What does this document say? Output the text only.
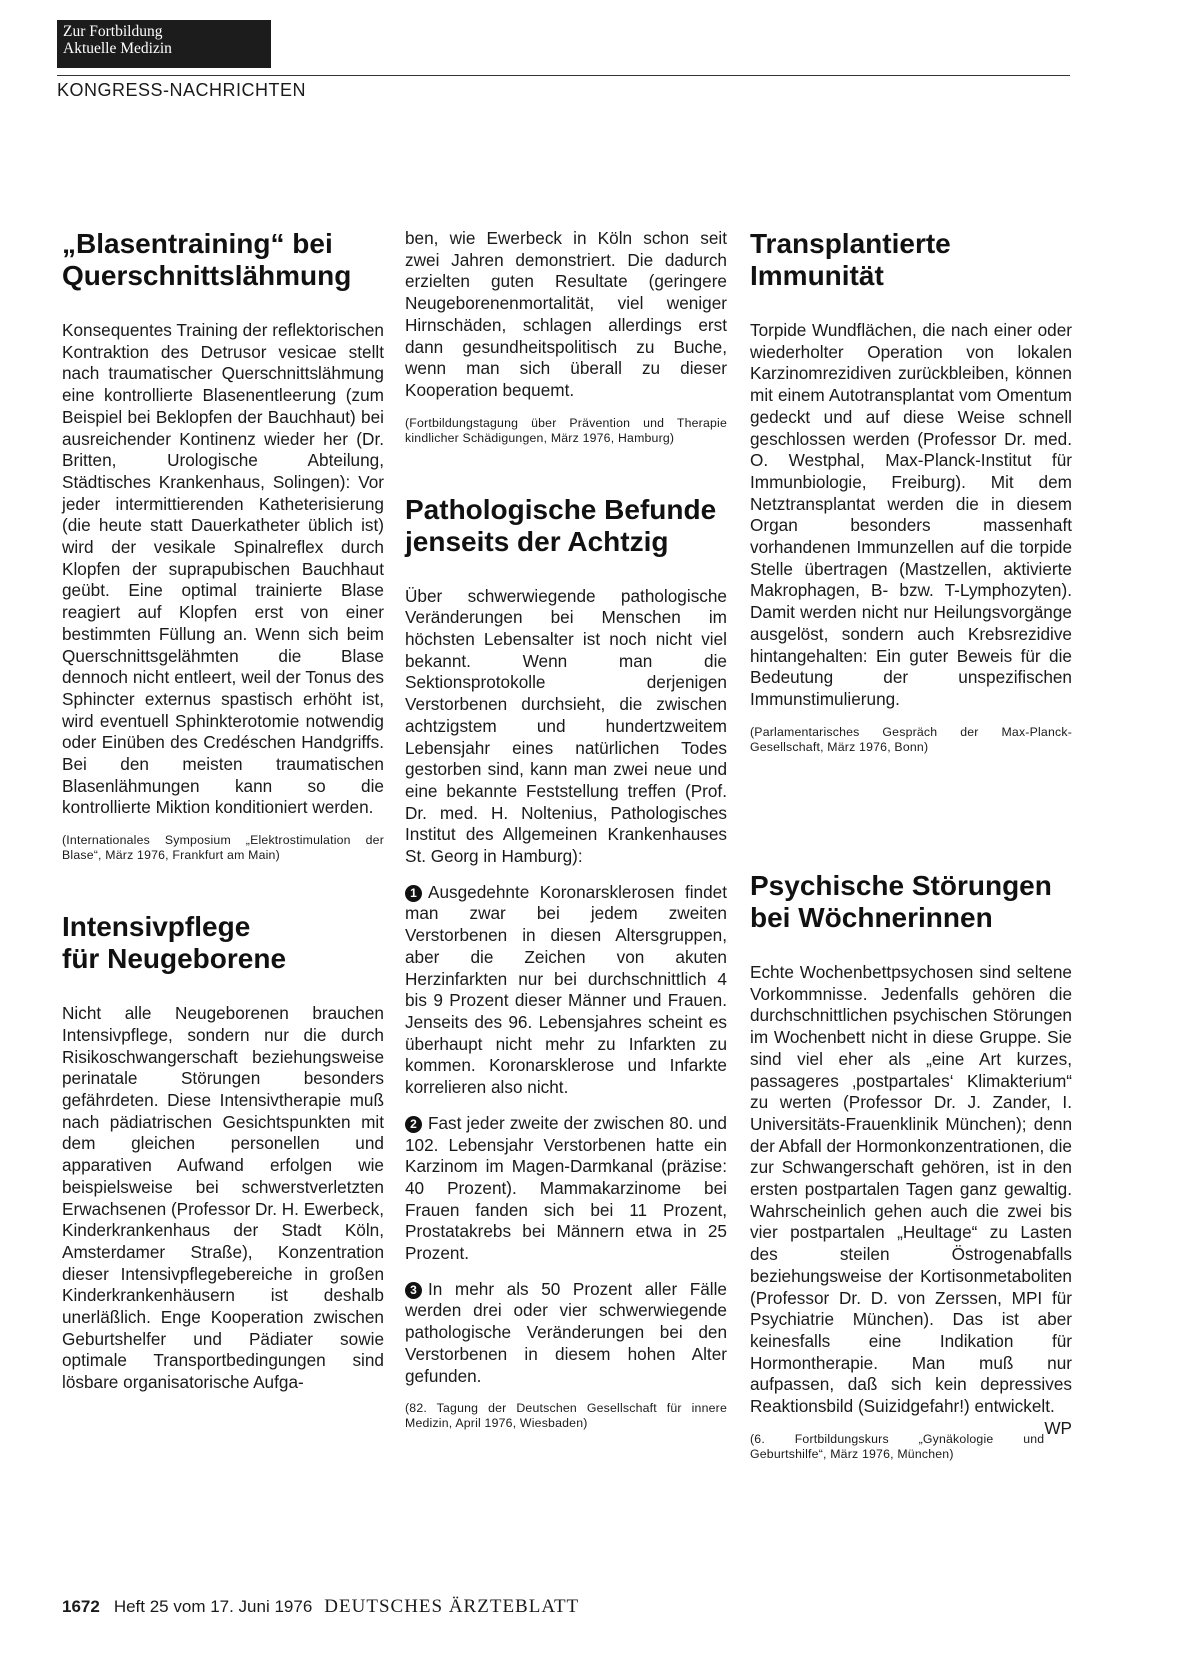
Zur Fortbildung
Aktuelle Medizin
KONGRESS-NACHRICHTEN
„Blasentraining“ bei
Querschnittslähmung

Konsequentes Training der reflektorischen Kontraktion des Detrusor vesicae stellt nach traumatischer Querschnittslähmung eine kontrollierte Blasenentleerung (zum Beispiel bei Beklopfen der Bauchhaut) bei ausreichender Kontinenz wieder her (Dr. Britten, Urologische Abteilung, Städtisches Krankenhaus, Solingen): Vor jeder intermittierenden Katheterisierung (die heute statt Dauerkatheter üblich ist) wird der vesikale Spinalreflex durch Klopfen der suprapubischen Bauchhaut geübt. Eine optimal trainierte Blase reagiert auf Klopfen erst von einer bestimmten Füllung an. Wenn sich beim Querschnittsgelähmten die Blase dennoch nicht entleert, weil der Tonus des Sphincter externus spastisch erhöht ist, wird eventuell Sphinkterotomie notwendig oder Einüben des Credéschen Handgriffs. Bei den meisten traumatischen Blasenlähmungen kann so die kontrollierte Miktion konditioniert werden.

(Internationales Symposium „Elektrostimulation der Blase“, März 1976, Frankfurt am Main)

Intensivpflege
für Neugeborene

Nicht alle Neugeborenen brauchen Intensivpflege, sondern nur die durch Risikoschwangerschaft beziehungsweise perinatale Störungen besonders gefährdeten. Diese Intensivtherapie muß nach pädiatrischen Gesichtspunkten mit dem gleichen personellen und apparativen Aufwand erfolgen wie beispielsweise bei schwerstverletzten Erwachsenen (Professor Dr. H. Ewerbeck, Kinderkrankenhaus der Stadt Köln, Amsterdamer Straße), Konzentration dieser Intensivpflegebereiche in großen Kinderkrankenhäusern ist deshalb unerläßlich. Enge Kooperation zwischen Geburtshelfer und Pädiater sowie optimale Transportbedingungen sind lösbare organisatorische Aufga-

ben, wie Ewerbeck in Köln schon seit zwei Jahren demonstriert. Die dadurch erzielten guten Resultate (geringere Neugeborenenmortalität, viel weniger Hirnschäden, schlagen allerdings erst dann gesundheitspolitisch zu Buche, wenn man sich überall zu dieser Kooperation bequemt.

(Fortbildungstagung über Prävention und Therapie kindlicher Schädigungen, März 1976, Hamburg)

Pathologische Befunde
jenseits der Achtzig

Über schwerwiegende pathologische Veränderungen bei Menschen im höchsten Lebensalter ist noch nicht viel bekannt. Wenn man die Sektionsprotokolle derjenigen Verstorbenen durchsieht, die zwischen achtzigstem und hundertzweitem Lebensjahr eines natürlichen Todes gestorben sind, kann man zwei neue und eine bekannte Feststellung treffen (Prof. Dr. med. H. Noltenius, Pathologisches Institut des Allgemeinen Krankenhauses St. Georg in Hamburg):

1 Ausgedehnte Koronarsklerosen findet man zwar bei jedem zweiten Verstorbenen in diesen Altersgruppen, aber die Zeichen von akuten Herzinfarkten nur bei durchschnittlich 4 bis 9 Prozent dieser Männer und Frauen. Jenseits des 96. Lebensjahres scheint es überhaupt nicht mehr zu Infarkten zu kommen. Koronarsklerose und Infarkte korrelieren also nicht.

2 Fast jeder zweite der zwischen 80. und 102. Lebensjahr Verstorbenen hatte ein Karzinom im Magen-Darmkanal (präzise: 40 Prozent). Mammakarzinome bei Frauen fanden sich bei 11 Prozent, Prostatakrebs bei Männern etwa in 25 Prozent.

3 In mehr als 50 Prozent aller Fälle werden drei oder vier schwerwiegende pathologische Veränderungen bei den Verstorbenen in diesem hohen Alter gefunden.

(82. Tagung der Deutschen Gesellschaft für innere Medizin, April 1976, Wiesbaden)

Transplantierte
Immunität

Torpide Wundflächen, die nach einer oder wiederholter Operation von lokalen Karzinomrezidiven zurückbleiben, können mit einem Autotransplantat vom Omentum gedeckt und auf diese Weise schnell geschlossen werden (Professor Dr. med. O. Westphal, Max-Planck-Institut für Immunbiologie, Freiburg). Mit dem Netztransplantat werden die in diesem Organ besonders massenhaft vorhandenen Immunzellen auf die torpide Stelle übertragen (Mastzellen, aktivierte Makrophagen, B- bzw. T-Lymphozyten). Damit werden nicht nur Heilungsvorgänge ausgelöst, sondern auch Krebsrezidive hintangehalten: Ein guter Beweis für die Bedeutung der unspezifischen Immunstimulierung.

(Parlamentarisches Gespräch der Max-Planck-Gesellschaft, März 1976, Bonn)

Psychische Störungen
bei Wöchnerinnen

Echte Wochenbettpsychosen sind seltene Vorkommnisse. Jedenfalls gehören die durchschnittlichen psychischen Störungen im Wochenbett nicht in diese Gruppe. Sie sind viel eher als „eine Art kurzes, passageres ‚postpartales‘ Klimakterium“ zu werten (Professor Dr. J. Zander, I. Universitäts-Frauenklinik München); denn der Abfall der Hormonkonzentrationen, die zur Schwangerschaft gehören, ist in den ersten postpartalen Tagen ganz gewaltig. Wahrscheinlich gehen auch die zwei bis vier postpartalen „Heultage“ zu Lasten des steilen Östrogenabfalls beziehungsweise der Kortisonmetaboliten (Professor Dr. D. von Zerssen, MPI für Psychiatrie München). Das ist aber keinesfalls eine Indikation für Hormontherapie. Man muß nur aufpassen, daß sich kein depressives Reaktionsbild (Suizidgefahr!) entwickelt.
WP

(6. Fortbildungskurs „Gynäkologie und Geburtshilfe“, März 1976, München)

1672 Heft 25 vom 17. Juni 1976 DEUTSCHES ÄRZTEBLATT
